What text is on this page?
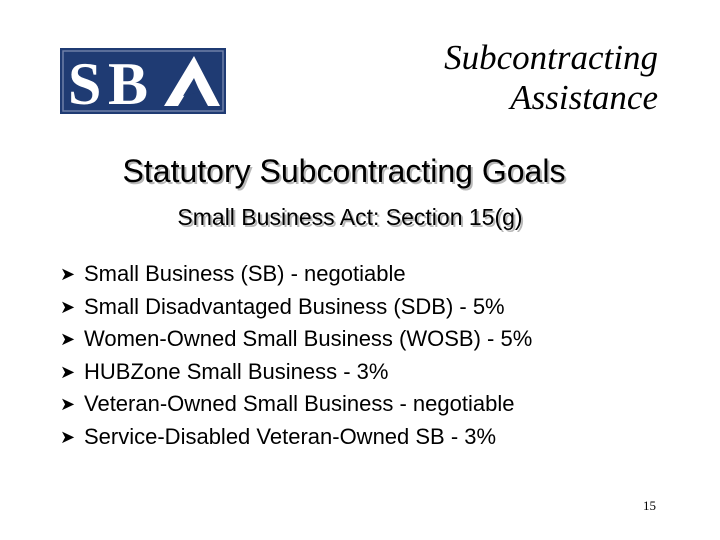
S B	Subcontracting
Assistance
Statutory Subcontracting Goals
Small Business Act: Section 15(g)
➤ Small Business (SB) - negotiable
➤ Small Disadvantaged Business (SDB) - 5%
➤ Women-Owned Small Business (WOSB) - 5%
➤ HUBZone Small Business - 3%
➤ Veteran-Owned Small Business - negotiable
➤ Service-Disabled Veteran-Owned SB - 3%
15
